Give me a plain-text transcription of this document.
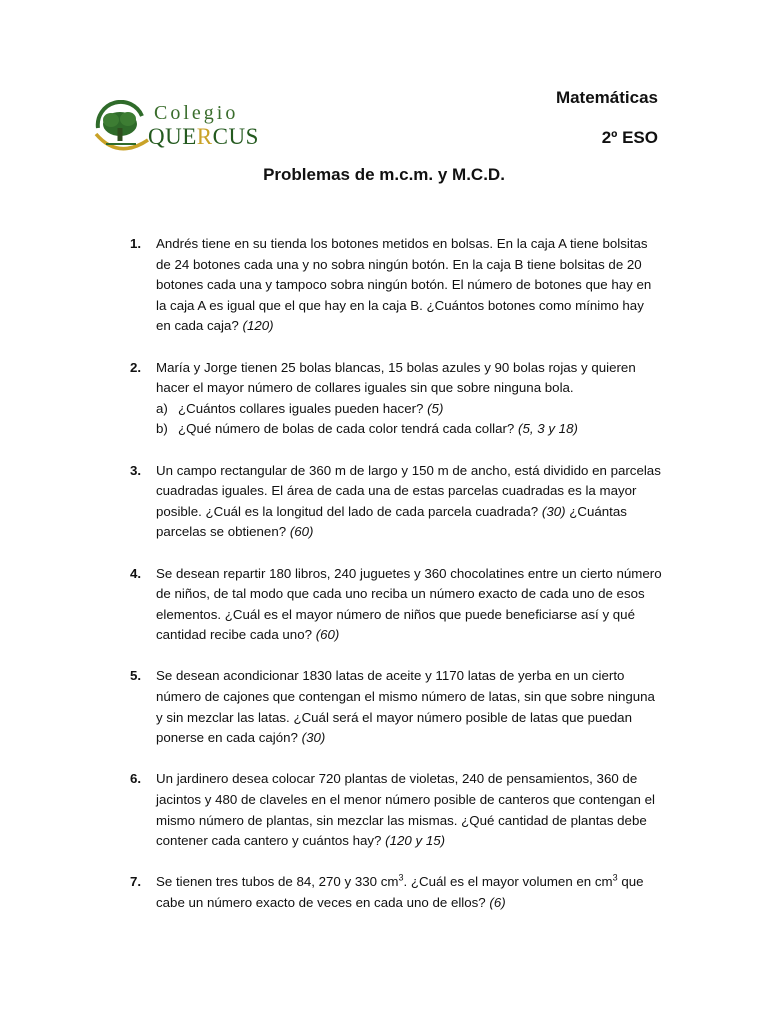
Colegio
QUERCUS
Matemáticas
2º ESO
Problemas de m.c.m. y M.C.D.
1. Andrés tiene en su tienda los botones metidos en bolsas. En la caja A tiene bolsitas de 24 botones cada una y no sobra ningún botón. En la caja B tiene bolsitas de 20 botones cada una y tampoco sobra ningún botón. El número de botones que hay en la caja A es igual que el que hay en la caja B. ¿Cuántos botones como mínimo hay en cada caja? (120)
2. María y Jorge tienen 25 bolas blancas, 15 bolas azules y 90 bolas rojas y quieren hacer el mayor número de collares iguales sin que sobre ninguna bola.
a) ¿Cuántos collares iguales pueden hacer? (5)
b) ¿Qué número de bolas de cada color tendrá cada collar? (5, 3 y 18)
3. Un campo rectangular de 360 m de largo y 150 m de ancho, está dividido en parcelas cuadradas iguales. El área de cada una de estas parcelas cuadradas es la mayor posible. ¿Cuál es la longitud del lado de cada parcela cuadrada? (30) ¿Cuántas parcelas se obtienen? (60)
4. Se desean repartir 180 libros, 240 juguetes y 360 chocolatines entre un cierto número de niños, de tal modo que cada uno reciba un número exacto de cada uno de esos elementos. ¿Cuál es el mayor número de niños que puede beneficiarse así y qué cantidad recibe cada uno? (60)
5. Se desean acondicionar 1830 latas de aceite y 1170 latas de yerba en un cierto número de cajones que contengan el mismo número de latas, sin que sobre ninguna y sin mezclar las latas. ¿Cuál será el mayor número posible de latas que puedan ponerse en cada cajón? (30)
6. Un jardinero desea colocar 720 plantas de violetas, 240 de pensamientos, 360 de jacintos y 480 de claveles en el menor número posible de canteros que contengan el mismo número de plantas, sin mezclar las mismas. ¿Qué cantidad de plantas debe contener cada cantero y cuántos hay? (120 y 15)
7. Se tienen tres tubos de 84, 270 y 330 $cm^3$. ¿Cuál es el mayor volumen en $cm^3$ que cabe un número exacto de veces en cada uno de ellos? (6)
